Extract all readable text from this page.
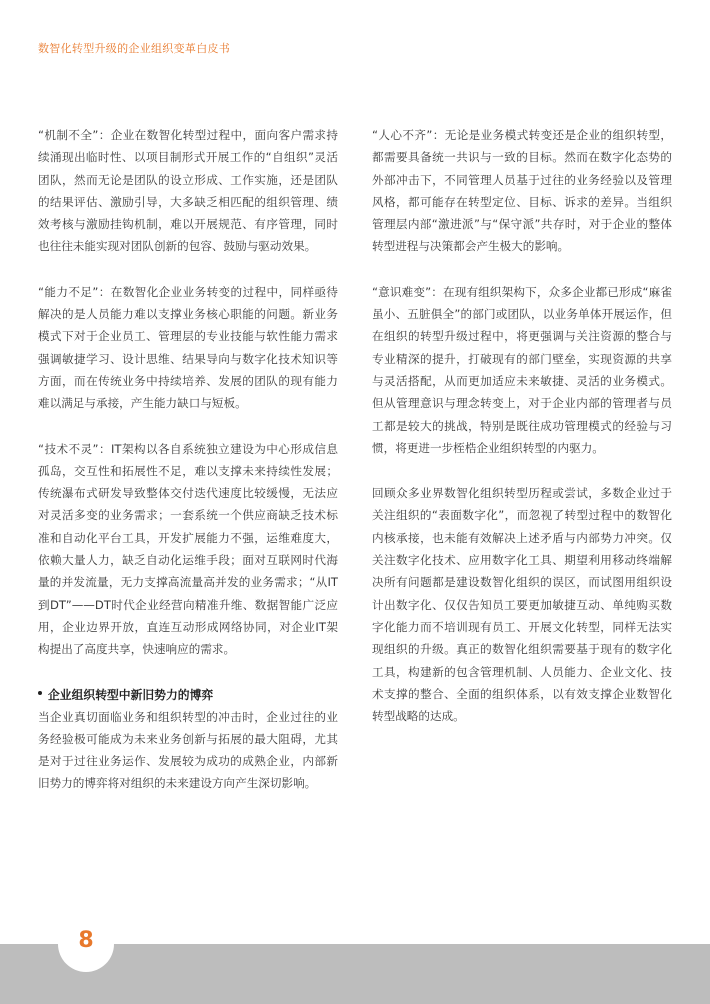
数智化转型升级的企业组织变革白皮书

“机制不全”：企业在数智化转型过程中，面向客户需求持续涌现出临时性、以项目制形式开展工作的“自组织”灵活团队，然而无论是团队的设立形成、工作实施，还是团队的结果评估、激励引导，大多缺乏相匹配的组织管理、绩效考核与激励挂钩机制，难以开展规范、有序管理，同时也往往未能实现对团队创新的包容、鼓励与驱动效果。

“能力不足”：在数智化企业业务转变的过程中，同样亟待解决的是人员能力难以支撑业务核心职能的问题。新业务模式下对于企业员工、管理层的专业技能与软性能力需求强调敏捷学习、设计思维、结果导向与数字化技术知识等方面，而在传统业务中持续培养、发展的团队的现有能力难以满足与承接，产生能力缺口与短板。

“技术不灵”：IT架构以各自系统独立建设为中心形成信息孤岛，交互性和拓展性不足，难以支撑未来持续性发展；传统瀑布式研发导致整体交付迭代速度比较缓慢，无法应对灵活多变的业务需求；一套系统一个供应商缺乏技术标准和自动化平台工具，开发扩展能力不强，运维难度大，依赖大量人力，缺乏自动化运维手段；面对互联网时代海量的并发流量，无力支撑高流量高并发的业务需求；“从IT到DT”——DT时代企业经营向精准升维、数据智能广泛应用，企业边界开放，直连互动形成网络协同，对企业IT架构提出了高度共享，快速响应的需求。

企业组织转型中新旧势力的博弈

当企业真切面临业务和组织转型的冲击时，企业过往的业务经验极可能成为未来业务创新与拓展的最大阻碍，尤其是对于过往业务运作、发展较为成功的成熟企业，内部新旧势力的博弈将对组织的未来建设方向产生深切影响。

“人心不齐”：无论是业务模式转变还是企业的组织转型，都需要具备统一共识与一致的目标。然而在数字化态势的外部冲击下，不同管理人员基于过往的业务经验以及管理风格，都可能存在转型定位、目标、诉求的差异。当组织管理层内部“激进派”与“保守派”共存时，对于企业的整体转型进程与决策都会产生极大的影响。

“意识难变”：在现有组织架构下，众多企业都已形成“麻雀虽小、五脏俱全”的部门或团队，以业务单体开展运作，但在组织的转型升级过程中，将更强调与关注资源的整合与专业精深的提升，打破现有的部门壁垒，实现资源的共享与灵活搭配，从而更加适应未来敏捷、灵活的业务模式。但从管理意识与理念转变上，对于企业内部的管理者与员工都是较大的挑战，特别是既往成功管理模式的经验与习惯，将更进一步桎梏企业组织转型的内驱力。

回顾众多业界数智化组织转型历程或尝试，多数企业过于关注组织的“表面数字化”，而忽视了转型过程中的数智化内核承接，也未能有效解决上述矛盾与内部势力冲突。仅关注数字化技术、应用数字化工具、期望利用移动终端解决所有问题都是建设数智化组织的误区，而试图用组织设计出数字化、仅仅告知员工要更加敏捷互动、单纯购买数字化能力而不培训现有员工、开展文化转型，同样无法实现组织的升级。真正的数智化组织需要基于现有的数字化工具，构建新的包含管理机制、人员能力、企业文化、技术支撑的整合、全面的组织体系，以有效支撑企业数智化转型战略的达成。

8
